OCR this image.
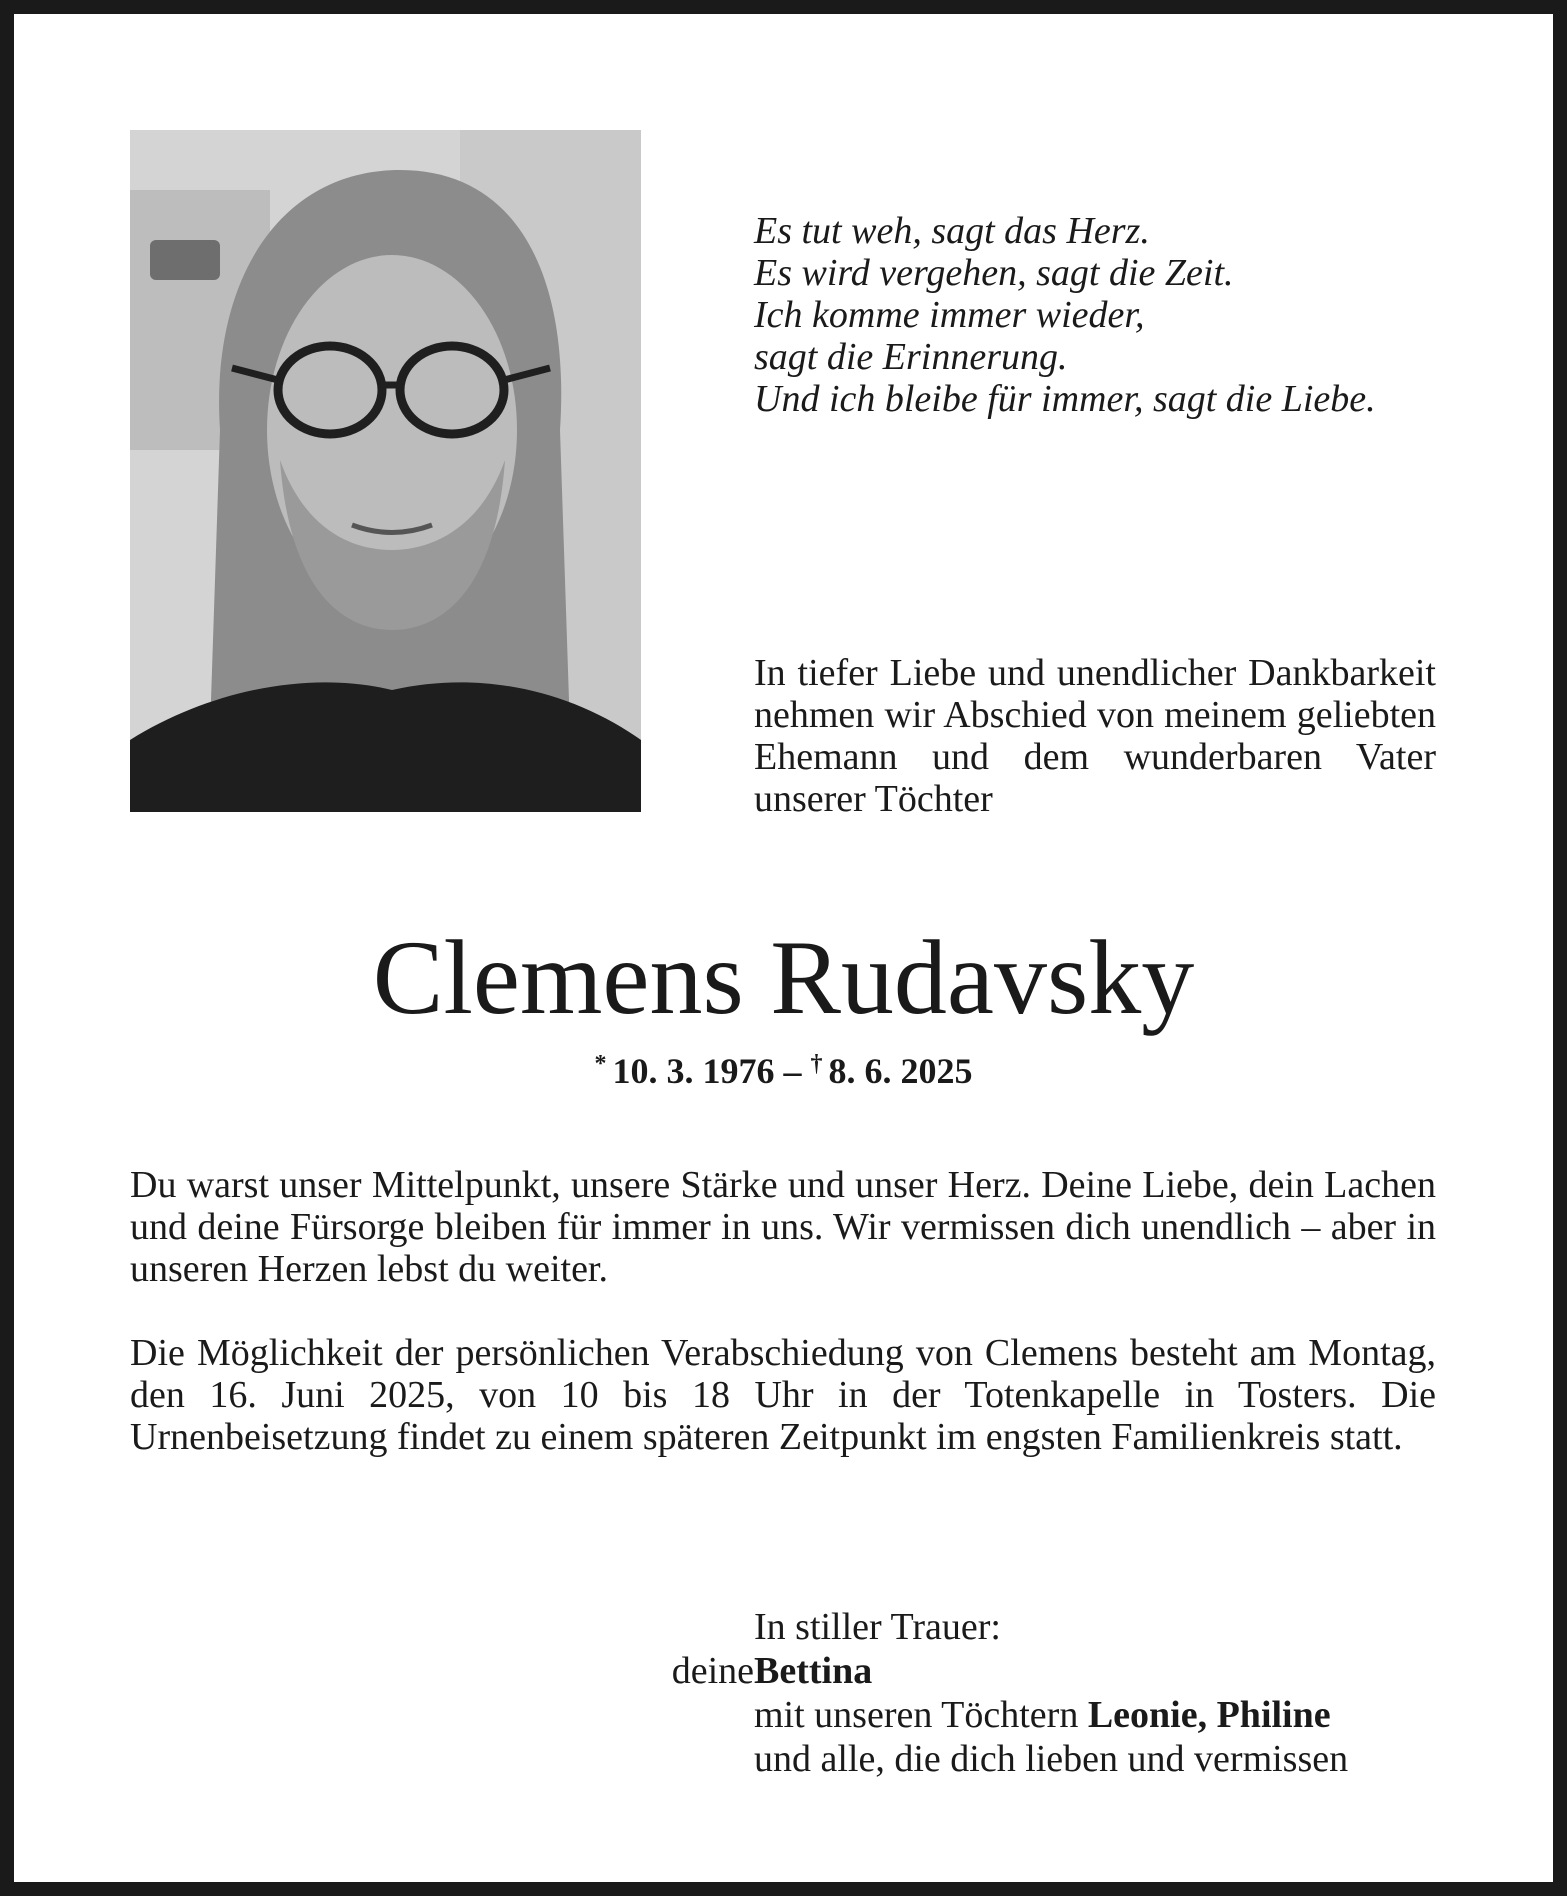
Es tut weh, sagt das Herz.
Es wird vergehen, sagt die Zeit.
Ich komme immer wieder,
sagt die Erinnerung.
Und ich bleibe für immer, sagt die Liebe.
In tiefer Liebe und unendlicher Dankbarkeit nehmen wir Abschied von meinem geliebten Ehemann und dem wunderbaren Vater unserer Töchter
Clemens Rudavsky
* 10. 3. 1976 – † 8. 6. 2025
Du warst unser Mittelpunkt, unsere Stärke und unser Herz. Deine Liebe, dein Lachen und deine Fürsorge bleiben für immer in uns. Wir vermissen dich unendlich – aber in unseren Herzen lebst du weiter.
Die Möglichkeit der persönlichen Verabschiedung von Clemens besteht am Montag, den 16. Juni 2025, von 10 bis 18 Uhr in der Totenkapelle in Tosters. Die Urnenbeisetzung findet zu einem späteren Zeitpunkt im engsten Familienkreis statt.
In stiller Trauer:
deine Bettina
mit unseren Töchtern Leonie, Philine
und alle, die dich lieben und vermissen
